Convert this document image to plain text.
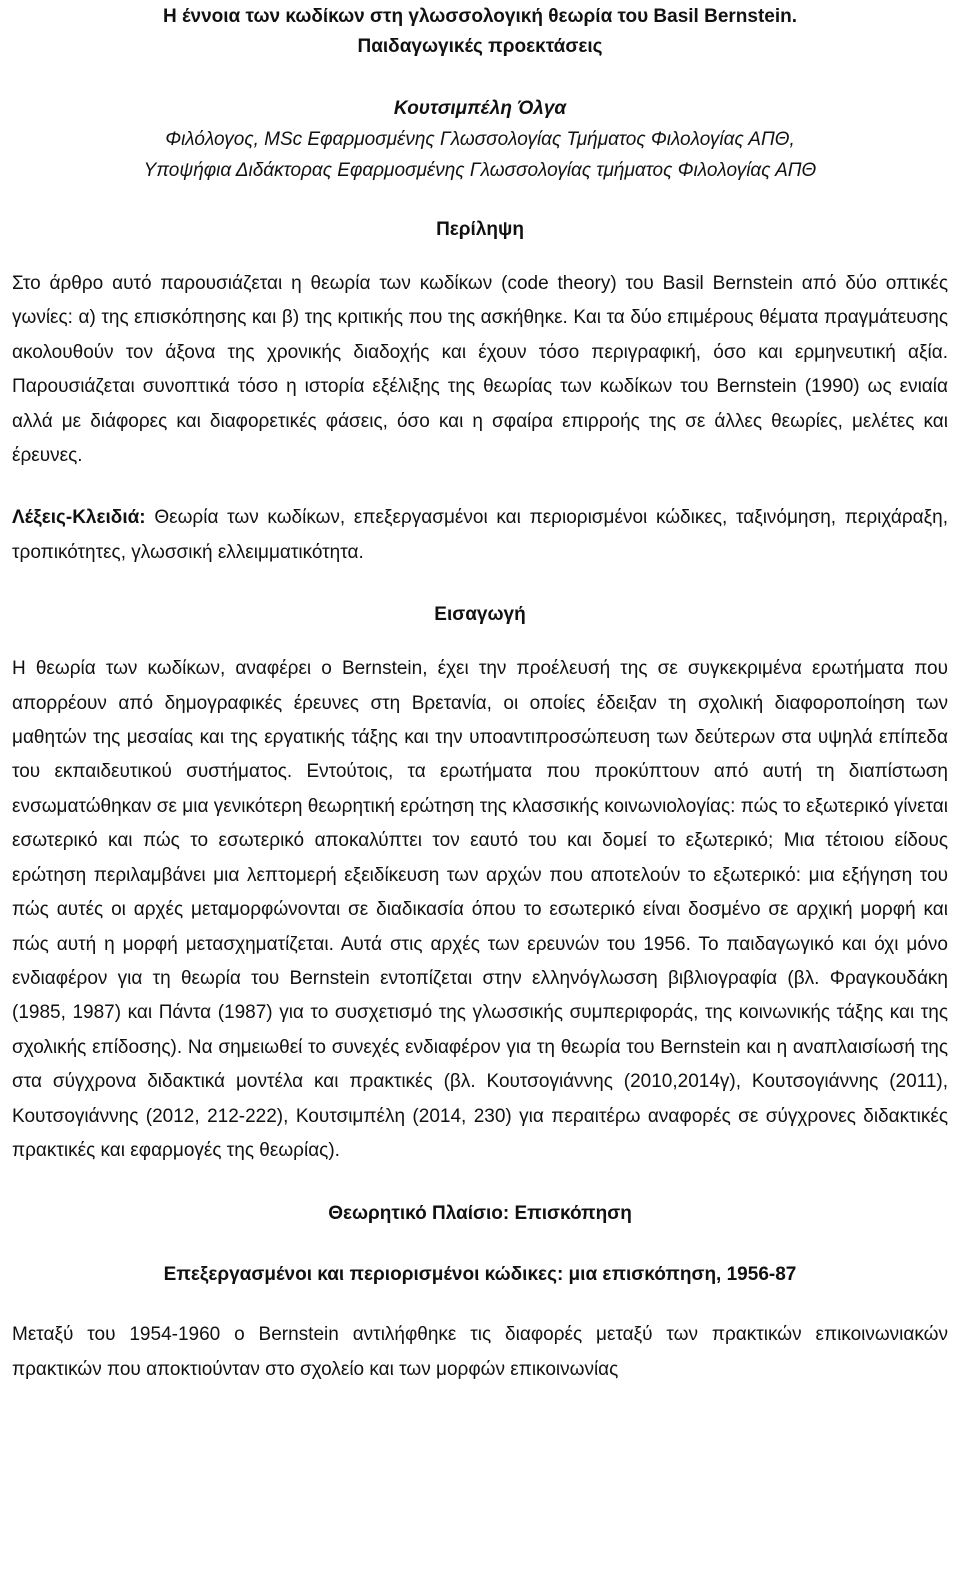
Η έννοια των κωδίκων στη γλωσσολογική θεωρία του Basil Bernstein.
Παιδαγωγικές προεκτάσεις
Κουτσιμπέλη Όλγα
Φιλόλογος, MSc Εφαρμοσμένης Γλωσσολογίας Τμήματος Φιλολογίας ΑΠΘ,
Υποψήφια Διδάκτορας Εφαρμοσμένης Γλωσσολογίας τμήματος Φιλολογίας ΑΠΘ
Περίληψη

Στο άρθρο αυτό παρουσιάζεται η θεωρία των κωδίκων (code theory) του Basil Bernstein από δύο οπτικές γωνίες: α) της επισκόπησης και β) της κριτικής που της ασκήθηκε. Και τα δύο επιμέρους θέματα πραγμάτευσης ακολουθούν τον άξονα της χρονικής διαδοχής και έχουν τόσο περιγραφική, όσο και ερμηνευτική αξία. Παρουσιάζεται συνοπτικά τόσο η ιστορία εξέλιξης της θεωρίας των κωδίκων του Bernstein (1990) ως ενιαία αλλά με διάφορες και διαφορετικές φάσεις, όσο και η σφαίρα επιρροής της σε άλλες θεωρίες, μελέτες και έρευνες.

Λέξεις-Κλειδιά: Θεωρία των κωδίκων, επεξεργασμένοι και περιορισμένοι κώδικες, ταξινόμηση, περιχάραξη, τροπικότητες, γλωσσική ελλειμματικότητα.

Εισαγωγή

Η θεωρία των κωδίκων, αναφέρει ο Bernstein, έχει την προέλευσή της σε συγκεκριμένα ερωτήματα που απορρέουν από δημογραφικές έρευνες στη Βρετανία, οι οποίες έδειξαν τη σχολική διαφοροποίηση των μαθητών της μεσαίας και της εργατικής τάξης και την υποαντιπροσώπευση των δεύτερων στα υψηλά επίπεδα του εκπαιδευτικού συστήματος. Εντούτοις, τα ερωτήματα που προκύπτουν από αυτή τη διαπίστωση ενσωματώθηκαν σε μια γενικότερη θεωρητική ερώτηση της κλασσικής κοινωνιολογίας: πώς το εξωτερικό γίνεται εσωτερικό και πώς το εσωτερικό αποκαλύπτει τον εαυτό του και δομεί το εξωτερικό; Μια τέτοιου είδους ερώτηση περιλαμβάνει μια λεπτομερή εξειδίκευση των αρχών που αποτελούν το εξωτερικό: μια εξήγηση του πώς αυτές οι αρχές μεταμορφώνονται σε διαδικασία όπου το εσωτερικό είναι δοσμένο σε αρχική μορφή και πώς αυτή η μορφή μετασχηματίζεται. Αυτά στις αρχές των ερευνών του 1956. Το παιδαγωγικό και όχι μόνο ενδιαφέρον για τη θεωρία του Bernstein εντοπίζεται στην ελληνόγλωσση βιβλιογραφία (βλ. Φραγκουδάκη (1985, 1987) και Πάντα (1987) για το συσχετισμό της γλωσσικής συμπεριφοράς, της κοινωνικής τάξης και της σχολικής επίδοσης). Να σημειωθεί το συνεχές ενδιαφέρον για τη θεωρία του Bernstein και η αναπλαισίωσή της στα σύγχρονα διδακτικά μοντέλα και πρακτικές (βλ. Κουτσογιάννης (2010,2014γ), Κουτσογιάννης (2011), Κουτσογιάννης (2012, 212-222), Κουτσιμπέλη (2014, 230) για περαιτέρω αναφορές σε σύγχρονες διδακτικές πρακτικές και εφαρμογές της θεωρίας).

Θεωρητικό Πλαίσιο: Επισκόπηση
Επεξεργασμένοι και περιορισμένοι κώδικες: μια επισκόπηση, 1956-87

Μεταξύ του 1954-1960 ο Bernstein αντιλήφθηκε τις διαφορές μεταξύ των πρακτικών επικοινωνιακών πρακτικών που αποκτιούνταν στο σχολείο και των μορφών επικοινωνίας
